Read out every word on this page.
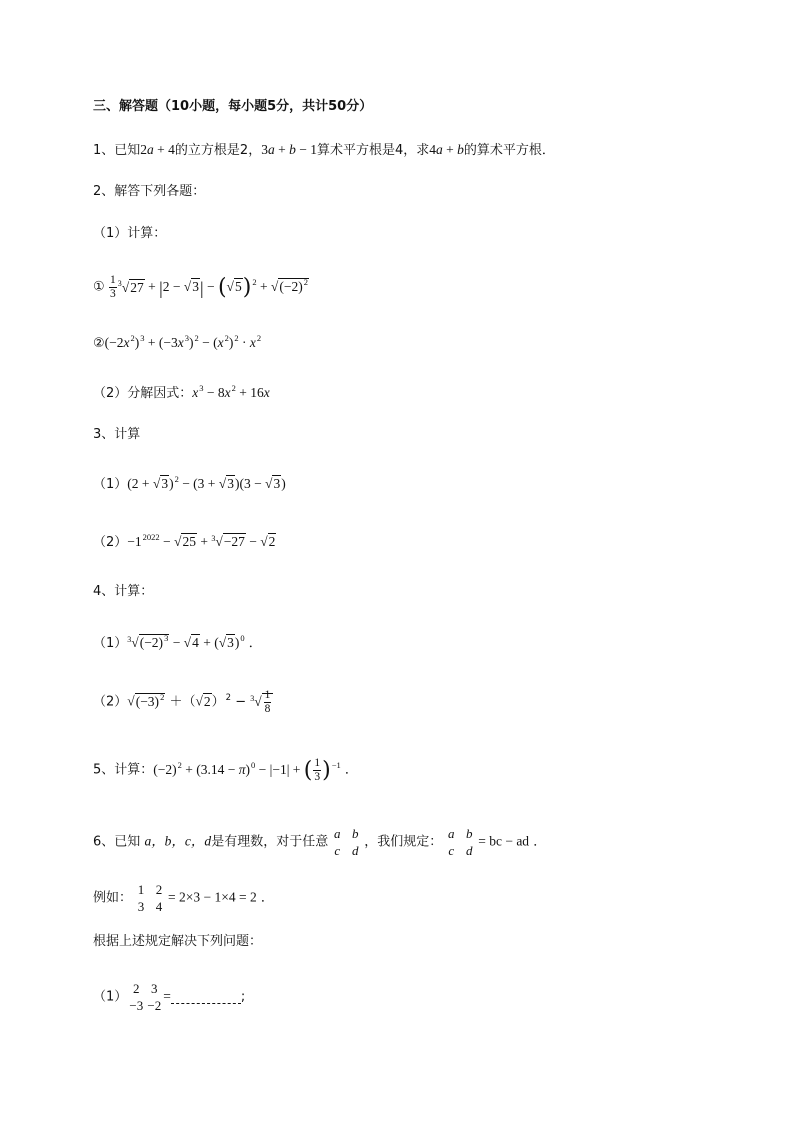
三、解答题（10小题，每小题5分，共计50分）
1、已知2a + 4的立方根是2，3a + b − 1算术平方根是4，求4a + b的算术平方根．
2、解答下列各题：
（1）计算：
① $\frac{1}{3} ^3√27 + |2 - √3| - (√5)^2 + √(-2)^2$
$②(-2x^2)^3 + (-3x^3)^2 - (x^2)^2 \cdot x^2$
（2）分解因式：$x^3 - 8x^2 + 16x$
3、计算
$(1)(2 + √3)^2 - (3 + √3)(3 - √3)$
$(2)-1^{2022} - √25 + ^3√-27 - √2$
4、计算：
$(1)^3√(-2)^3 - √4 + (√3)^0$ ．
$(2)√(-3)^2 +(√2)^2 - ^3√ \frac{1}{8}$
5、计算：$(-2)^2 + (3.14 - \pi)^0 - |-1|$ + ( $\frac{1}{3} )^{-1}$ ．
6、已知 a，b，c，d是有理数，对于任意
a b
c d
，我们规定：
a b
c d
= bc − ad ．
例如：
1 2
3 4
= 2×3 − 1×4 = 2 ．
根据上述规定解决下列问题：
（1）
2 3
−3 −2
=	;
